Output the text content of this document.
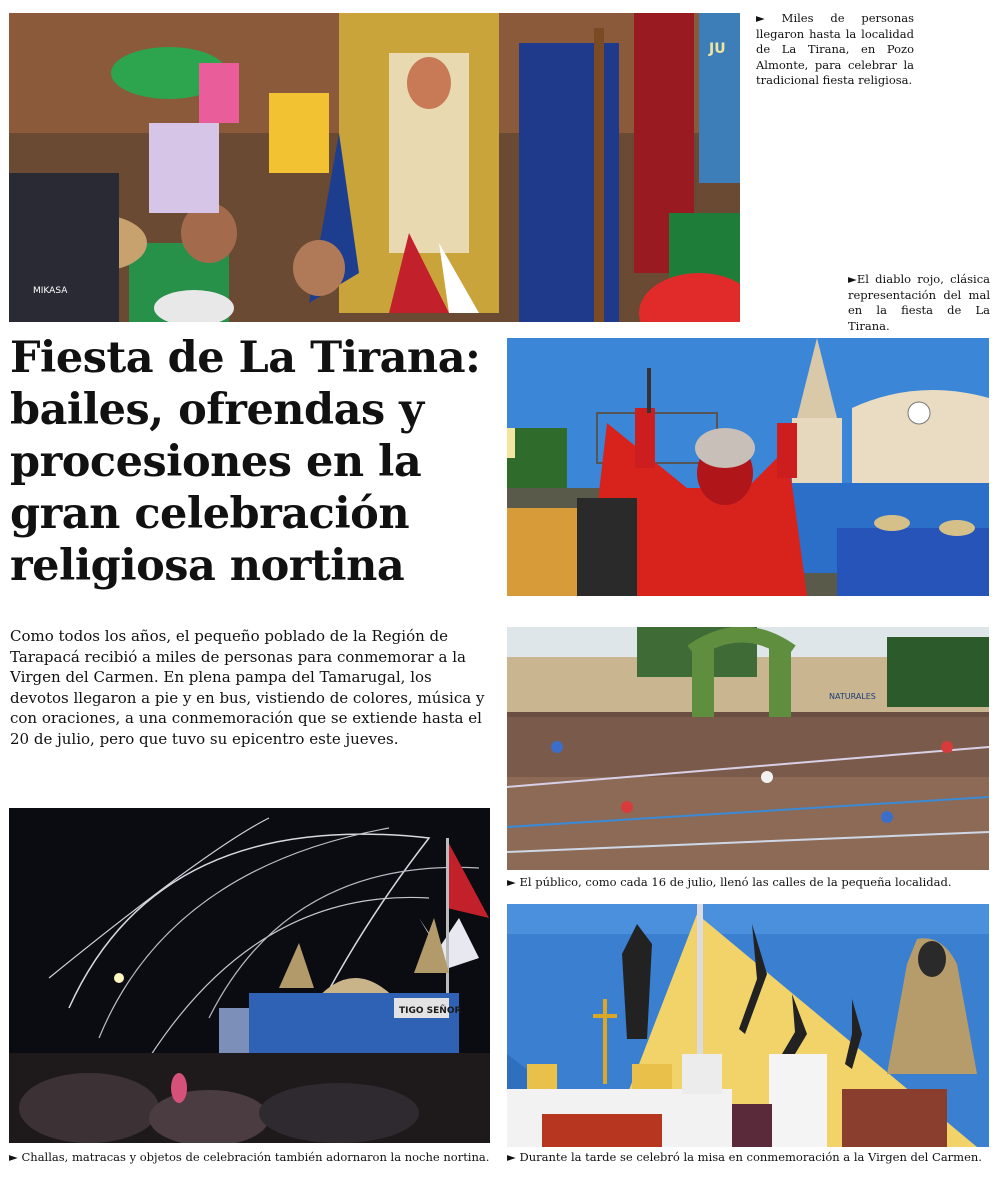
MIKASA
JU

► Miles de personas llegaron hasta la localidad de La Tirana, en Pozo Almonte, para celebrar la tradicional fiesta religiosa.

►El diablo rojo, clásica representación del mal en la fiesta de La Tirana.

Fiesta de La Tirana: bailes, ofrendas y procesiones en la gran celebración religiosa nortina

Como todos los años, el pequeño poblado de la Región de Tarapacá recibió a miles de personas para conmemorar a la Virgen del Carmen. En plena pampa del Tamarugal, los devotos llegaron a pie y en bus, vistiendo de colores, música y con oraciones, a una conmemoración que se extiende hasta el 20 de julio, pero que tuvo su epicentro este jueves.

NATURALES

► El público, como cada 16 de julio, llenó las calles de la pequeña localidad.

TIGO SEÑOR

► Challas, matracas y objetos de celebración también adornaron la noche nortina. ► Durante la tarde se celebró la misa en conmemoración a la Virgen del Carmen.
